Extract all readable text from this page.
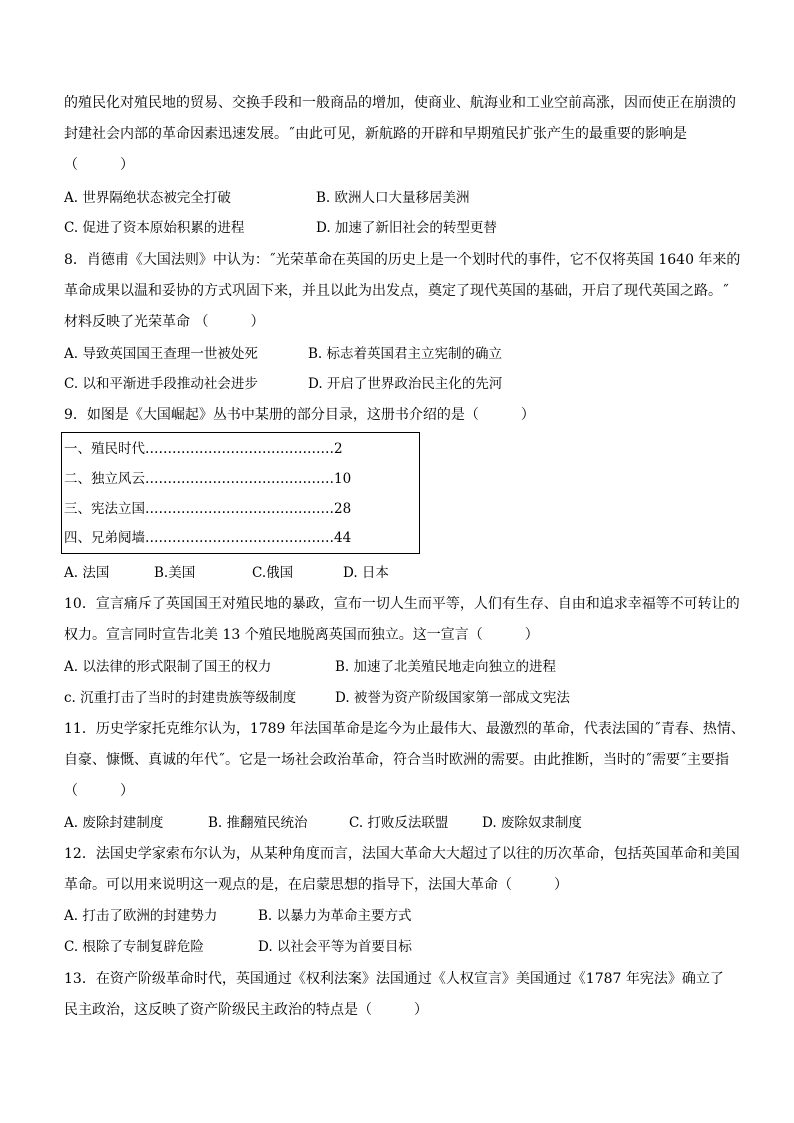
的殖民化对殖民地的贸易、交换手段和一般商品的增加，使商业、航海业和工业空前高涨，因而使正在崩溃的
封建社会内部的革命因素迅速发展。˝由此可见，新航路的开辟和早期殖民扩张产生的最重要的影响是
（　　　）
A. 世界隔绝状态被完全打破	B. 欧洲人口大量移居美洲
C. 促进了资本原始积累的进程	D. 加速了新旧社会的转型更替
8．肖德甫《大国法则》中认为：˝光荣革命在英国的历史上是一个划时代的事件，它不仅将英国 1640 年来的
革命成果以温和妥协的方式巩固下来，并且以此为出发点，奠定了现代英国的基础，开启了现代英国之路。˝
材料反映了光荣革命 （　　　）
A. 导致英国国王查理一世被处死	B. 标志着英国君主立宪制的确立
C. 以和平渐进手段推动社会进步	D. 开启了世界政治民主化的先河
9．如图是《大国崛起》丛书中某册的部分目录，这册书介绍的是（　　　）
一、殖民时代……………………………………2
二、独立风云……………………………………10
三、宪法立国……………………………………28
四、兄弟阋墙……………………………………44
A. 法国	B.美国	C.俄国	D. 日本
10．宣言痛斥了英国国王对殖民地的暴政，宣布一切人生而平等，人们有生存、自由和追求幸福等不可转让的
权力。宣言同时宣告北美 13 个殖民地脱离英国而独立。这一宣言（　　　）
A. 以法律的形式限制了国王的权力	B. 加速了北美殖民地走向独立的进程
c. 沉重打击了当时的封建贵族等级制度	D. 被誉为资产阶级国家第一部成文宪法
11．历史学家托克维尔认为，1789 年法国革命是迄今为止最伟大、最激烈的革命，代表法国的˝青春、热情、
自豪、慷慨、真诚的年代˝。它是一场社会政治革命，符合当时欧洲的需要。由此推断，当时的˝需要˝主要指
（　　　）
A. 废除封建制度	B. 推翻殖民统治	C. 打败反法联盟 D. 废除奴隶制度
12．法国史学家索布尔认为，从某种角度而言，法国大革命大大超过了以往的历次革命，包括英国革命和美国
革命。可以用来说明这一观点的是，在启蒙思想的指导下，法国大革命（　　　）
A. 打击了欧洲的封建势力	B. 以暴力为革命主要方式
C. 根除了专制复辟危险	D. 以社会平等为首要目标
13．在资产阶级革命时代，英国通过《权利法案》法国通过《人权宣言》美国通过《1787 年宪法》确立了
民主政治，这反映了资产阶级民主政治的特点是（　　　）
